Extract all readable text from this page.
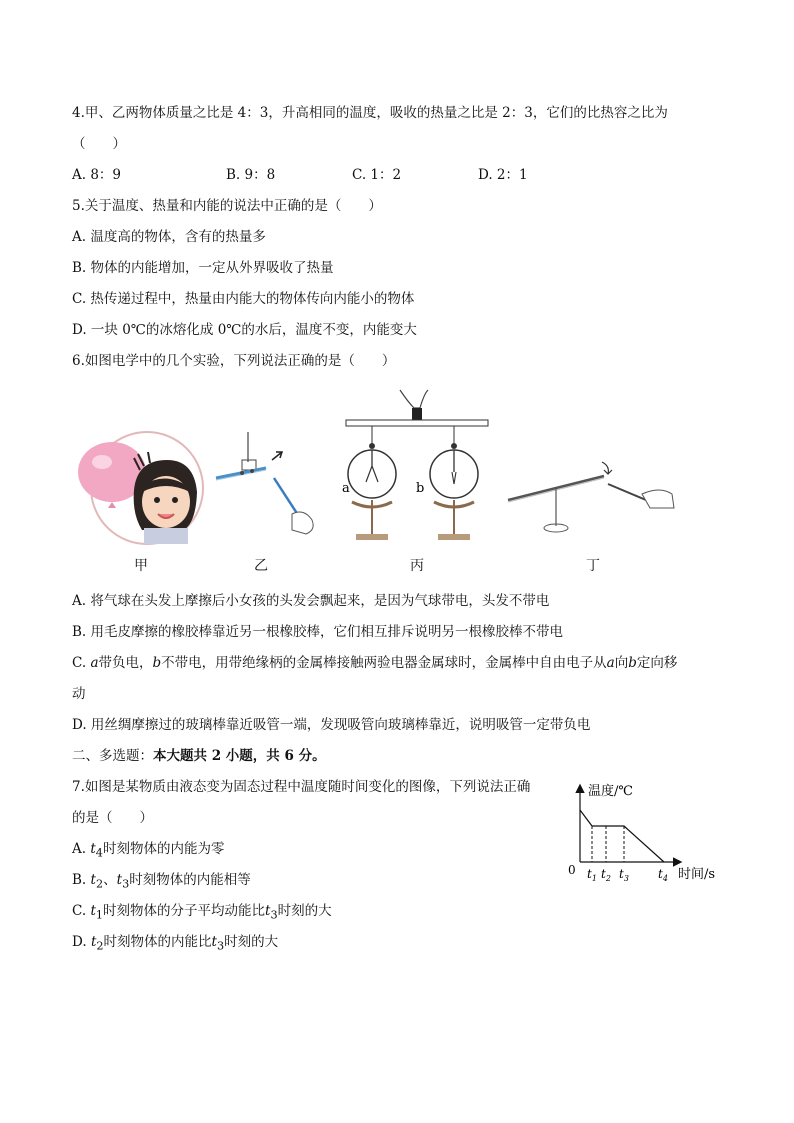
4.甲、乙两物体质量之比是 4：3，升高相同的温度，吸收的热量之比是 2：3，它们的比热容之比为
（　　）
A. 8：9	B. 9：8	C. 1：2	D. 2：1
5.关于温度、热量和内能的说法中正确的是（　　）
A. 温度高的物体，含有的热量多
B. 物体的内能增加，一定从外界吸收了热量
C. 热传递过程中，热量由内能大的物体传向内能小的物体
D. 一块 0℃的冰熔化成 0℃的水后，温度不变，内能变大
6.如图电学中的几个实验，下列说法正确的是（　　）
a	b
甲	乙	丙	丁
A. 将气球在头发上摩擦后小女孩的头发会飘起来，是因为气球带电，头发不带电
B. 用毛皮摩擦的橡胶棒靠近另一根橡胶棒，它们相互排斥说明另一根橡胶棒不带电
C. a带负电，b不带电，用带绝缘柄的金属棒接触两验电器金属球时，金属棒中自由电子从a向b定向移
动
D. 用丝绸摩擦过的玻璃棒靠近吸管一端，发现吸管向玻璃棒靠近，说明吸管一定带负电
二、多选题：本大题共 2 小题，共 6 分。
7.如图是某物质由液态变为固态过程中温度随时间变化的图像，下列说法正确
的是（　　）
A. $t_4$时刻物体的内能为零
B. $t_2$、$t_3$时刻物体的内能相等
C. $t_1$时刻物体的分子平均动能比$t_3$时刻的大
D. $t_2$时刻物体的内能比$t_3$时刻的大
温度/℃
时间/s
0 $t_1$ $t_2$ $t_3$ $t_4$
